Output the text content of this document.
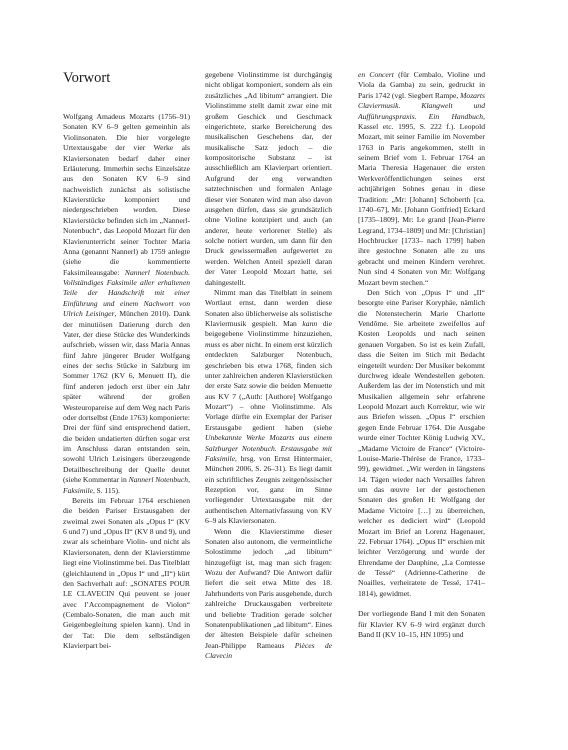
Vorwort

Wolfgang Amadeus Mozarts (1756–91) Sonaten KV 6–9 gelten gemeinhin als Violinsonaten. Die hier vorgelegte Urtextausgabe der vier Werke als Klaviersonaten bedarf daher einer Erläuterung. Immerhin sechs Einzelsätze aus den Sonaten KV 6–9 sind nachweislich zunächst als solistische Klavierstücke komponiert und niedergeschrieben worden. Diese Klavierstücke befinden sich im „Nannerl-Notenbuch“, das Leopold Mozart für den Klavierunterricht seiner Tochter Maria Anna (genannt Nannerl) ab 1759 anlegte (siehe die kommentierte Faksimileausgabe: Nannerl Notenbuch. Vollständiges Faksimile aller erhaltenen Teile der Handschrift mit einer Einführung und einem Nachwort von Ulrich Leisinger, München 2010). Dank der minutiösen Datierung durch den Vater, der diese Stücke des Wunderkinds aufschrieb, wissen wir, dass Maria Annas fünf Jahre jüngerer Bruder Wolfgang eines der sechs Stücke in Salzburg im Sommer 1762 (KV 6, Menuett II), die fünf anderen jedoch erst über ein Jahr später während der großen Westeuropareise auf dem Weg nach Paris oder dortselbst (Ende 1763) komponierte: Drei der fünf sind entsprechend datiert, die beiden undatierten dürften sogar erst im Anschluss daran entstanden sein, sowohl Ulrich Leisingers überzeugende Detailbeschreibung der Quelle deutet (siehe Kommentar in Nannerl Notenbuch, Faksimile, S. 115).

Bereits im Februar 1764 erschienen die beiden Pariser Erstausgaben der zweimal zwei Sonaten als „Opus I“ (KV 6 und 7) und „Opus II“ (KV 8 und 9), und zwar als scheinbare Violin- und nicht als Klaviersonaten, denn der Klavierstimme liegt eine Violinstimme bei. Das Titelblatt (gleichlautend in „Opus I“ und „II“) kürt den Sachverhalt auf: „SONATES POUR LE CLAVECIN Qui peuvent se jouer avec l’Accompagnement de Violon“ (Cembalo-Sonaten, die man auch mit Geigenbegleitung spielen kann). Und in der Tat: Die dem selbständigen Klavierpart bei-

gegebene Violinstimme ist durchgängig nicht obligat komponiert, sondern als ein zusätzliches „Ad libitum“ arrangiert. Die Violinstimme stellt damit zwar eine mit großem Geschick und Geschmack eingerichtete, starke Bereicherung des musikalischen Geschehens dar, der musikalische Satz jedoch – die kompositorische Substanz – ist ausschließlich am Klavierpart orientiert. Aufgrund der eng verwandten satztechnischen und formalen Anlage dieser vier Sonaten wird man also davon ausgehen dürfen, dass sie grundsätzlich ohne Violine konzipiert und auch (an anderer, heute verlorener Stelle) als solche notiert wurden, um dann für den Druck gewissermaßen aufgewertet zu werden. Welchen Anteil speziell daran der Vater Leopold Mozart hatte, sei dahingestellt.

Nimmt man das Titelblatt in seinem Wortlaut ernst, dann werden diese Sonaten also üblicherweise als solistische Klaviermusik gespielt. Man kann die beigegebene Violinstimme hinzuziehen, muss es aber nicht. In einem erst kürzlich entdeckten Salzburger Notenbuch, geschrieben bis etwa 1768, finden sich unter zahlreichen anderen Klavierstücken der erste Satz sowie die beiden Menuette aus KV 7 („Auth: [Authore] Wolfgango Mozart“) – ohne Violinstimme. Als Vorlage dürfte ein Exemplar der Pariser Erstausgabe gedient haben (siehe Unbekannte Werke Mozarts aus einem Salzburger Notenbuch. Erstausgabe mit Faksimile, hrsg. von Ernst Hintermaier, München 2006, S. 26–31). Es liegt damit ein schriftliches Zeugnis zeitgenössischer Rezeption vor, ganz im Sinne vorliegender Urtextausgabe mit der authentischen Alternativfassung von KV 6–9 als Klaviersonaten.

Wenn die Klavierstimme dieser Sonaten also autonom, die vermeintliche Solostimme jedoch „ad libitum“ hinzugefügt ist, mag man sich fragen: Wozu der Aufwand? Die Antwort dafür liefert die seit etwa Mitte des 18. Jahrhunderts von Paris ausgehende, durch zahlreiche Druckausgaben verbreitete und beliebte Tradition gerade solcher Sonatenpublikationen „ad libitum“. Eines der ältesten Beispiele dafür scheinen Jean-Philippe Rameaus Pièces de Clavecin

en Concert (für Cembalo, Violine und Viola da Gamba) zu sein, gedruckt in Paris 1742 (vgl. Siegbert Rampe, Mozarts Claviermusik. Klangwelt und Aufführungspraxis. Ein Handbuch, Kassel etc. 1995, S. 222 f.). Leopold Mozart, mit seiner Familie im November 1763 in Paris angekommen, stellt in seinem Brief vom 1. Februar 1764 an Maria Theresia Hagenauer die ersten Werkveröffentlichungen seines erst achtjährigen Sohnes genau in diese Tradition: „Mr: [Johann] Schoberth [ca. 1740–67], Mr. [Johann Gottfried] Eckard [1735–1809], Mr: Le grand [Jean-Pierre Legrand, 1734–1809] und Mr: [Christian] Hochbrucker [1733– nach 1799] haben ihre gestochne Sonaten alle zu uns gebracht und meinen Kindern verehret. Nun sind 4 Sonaten von Mr: Wolfgang Mozart bevm stechen.“

Den Stich von „Opus I“ und „II“ besorgte eine Pariser Koryphäe, nämlich die Notenstecherin Marie Charlotte Vendôme. Sie arbeitete zweifellos auf Kosten Leopolds und nach seinen genauen Vorgaben. So ist es kein Zufall, dass die Seiten im Stich mit Bedacht eingeteilt wurden: Der Musiker bekommt durchweg ideale Wendestellen geboten. Außerdem las der im Notenstich und mit Musikalien allgemein sehr erfahrene Leopold Mozart auch Korrektur, wie wir aus Briefen wissen. „Opus I“ erschien gegen Ende Februar 1764. Die Ausgabe wurde einer Tochter König Ludwig XV., „Madame Victoire de France“ (Victoire-Louise-Marie-Thérèse de France, 1733–99), gewidmet. „Wir werden in längstens 14. Tägen wieder nach Versailles fahren um das œuvre 1er der gestochenen Sonaten des großen H: Wolfgang der Madame Victoire […] zu überreichen, welcher es dediciert wird“ (Leopold Mozart im Brief an Lorenz Hagenauer, 22. Februar 1764). „Opus II“ erschien mit leichter Verzögerung und wurde der Ehrendame der Dauphine, „La Comtesse de Tessé“ (Adrienne-Catherine de Noailles, verheiratete de Tessé, 1741–1814), gewidmet.

Der vorliegende Band I mit den Sonaten für Klavier KV 6–9 wird ergänzt durch Band II (KV 10–15, HN 1095) und
